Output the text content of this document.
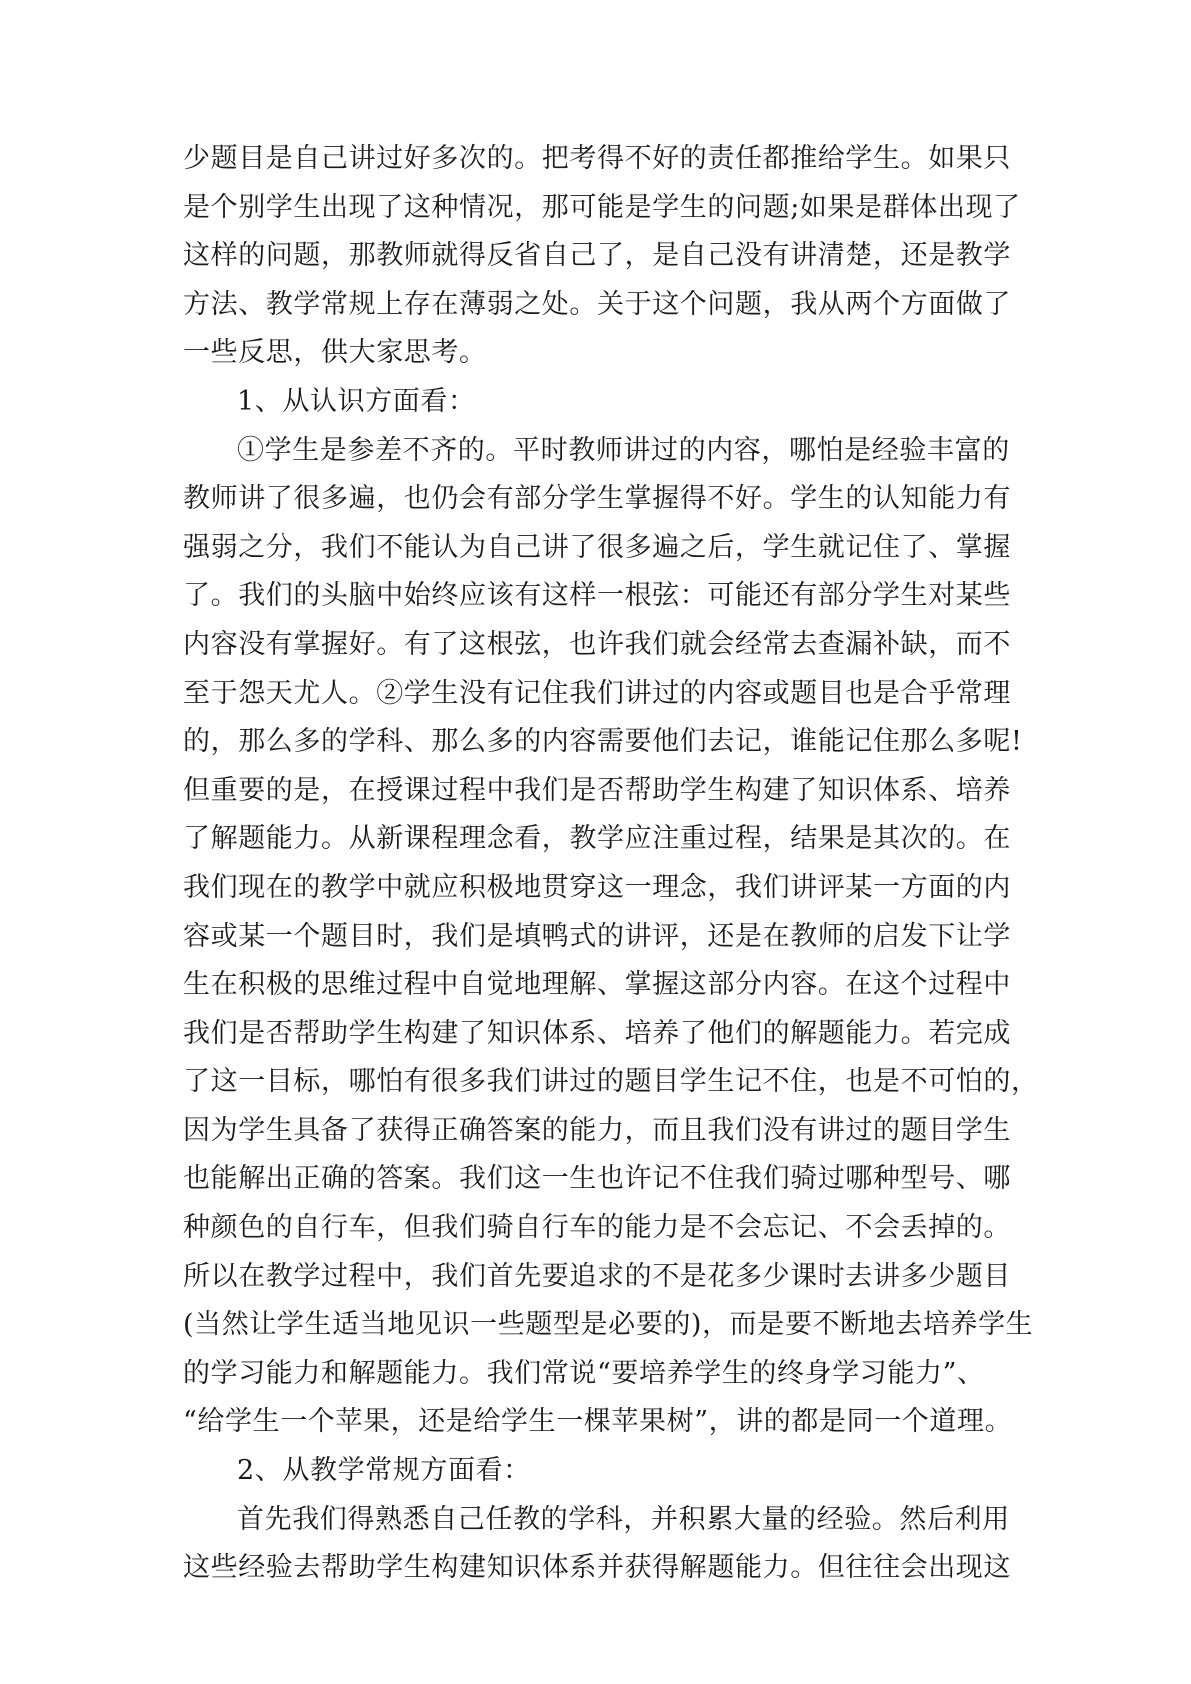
少题目是自己讲过好多次的。把考得不好的责任都推给学生。如果只
是个别学生出现了这种情况，那可能是学生的问题;如果是群体出现了
这样的问题，那教师就得反省自己了，是自己没有讲清楚，还是教学
方法、教学常规上存在薄弱之处。关于这个问题，我从两个方面做了
一些反思，供大家思考。
1、从认识方面看：
①学生是参差不齐的。平时教师讲过的内容，哪怕是经验丰富的
教师讲了很多遍，也仍会有部分学生掌握得不好。学生的认知能力有
强弱之分，我们不能认为自己讲了很多遍之后，学生就记住了、掌握
了。我们的头脑中始终应该有这样一根弦：可能还有部分学生对某些
内容没有掌握好。有了这根弦，也许我们就会经常去查漏补缺，而不
至于怨天尤人。②学生没有记住我们讲过的内容或题目也是合乎常理
的，那么多的学科、那么多的内容需要他们去记，谁能记住那么多呢!
但重要的是，在授课过程中我们是否帮助学生构建了知识体系、培养
了解题能力。从新课程理念看，教学应注重过程，结果是其次的。在
我们现在的教学中就应积极地贯穿这一理念，我们讲评某一方面的内
容或某一个题目时，我们是填鸭式的讲评，还是在教师的启发下让学
生在积极的思维过程中自觉地理解、掌握这部分内容。在这个过程中
我们是否帮助学生构建了知识体系、培养了他们的解题能力。若完成
了这一目标，哪怕有很多我们讲过的题目学生记不住，也是不可怕的，
因为学生具备了获得正确答案的能力，而且我们没有讲过的题目学生
也能解出正确的答案。我们这一生也许记不住我们骑过哪种型号、哪
种颜色的自行车，但我们骑自行车的能力是不会忘记、不会丢掉的。
所以在教学过程中，我们首先要追求的不是花多少课时去讲多少题目
(当然让学生适当地见识一些题型是必要的)，而是要不断地去培养学生
的学习能力和解题能力。我们常说“要培养学生的终身学习能力”、
“给学生一个苹果，还是给学生一棵苹果树”，讲的都是同一个道理。
2、从教学常规方面看：
首先我们得熟悉自己任教的学科，并积累大量的经验。然后利用
这些经验去帮助学生构建知识体系并获得解题能力。但往往会出现这
